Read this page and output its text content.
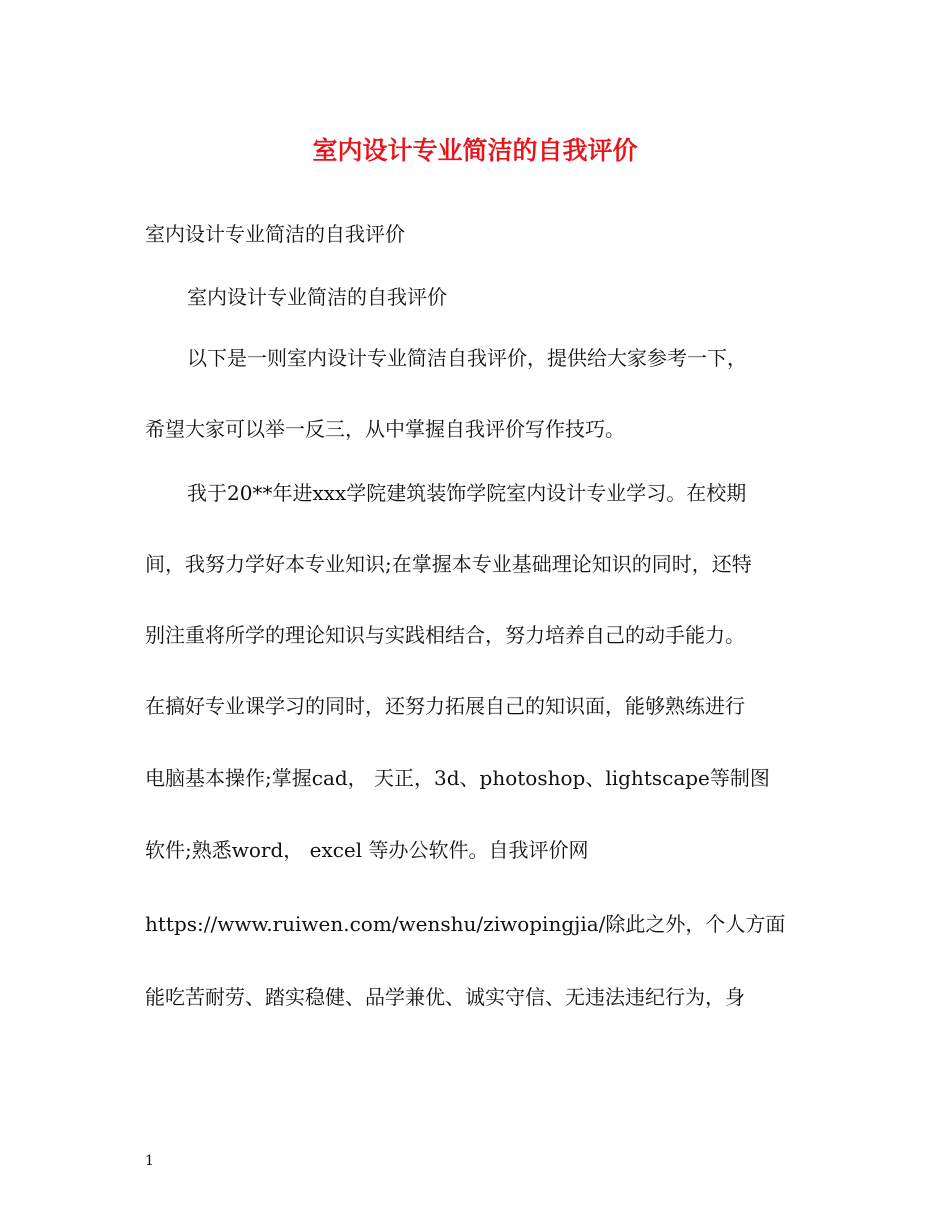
室内设计专业简洁的自我评价

室内设计专业简洁的自我评价

室内设计专业简洁的自我评价

以下是一则室内设计专业简洁自我评价，提供给大家参考一下，

希望大家可以举一反三，从中掌握自我评价写作技巧。

我于20**年进xxx学院建筑装饰学院室内设计专业学习。在校期

间，我努力学好本专业知识;在掌握本专业基础理论知识的同时，还特

别注重将所学的理论知识与实践相结合，努力培养自己的动手能力。

在搞好专业课学习的同时，还努力拓展自己的知识面，能够熟练进行

电脑基本操作;掌握cad， 天正，3d、photoshop、lightscape等制图

软件;熟悉word， excel 等办公软件。自我评价网

https://www.ruiwen.com/wenshu/ziwopingjia/除此之外，个人方面

能吃苦耐劳、踏实稳健、品学兼优、诚实守信、无违法违纪行为，身

1
